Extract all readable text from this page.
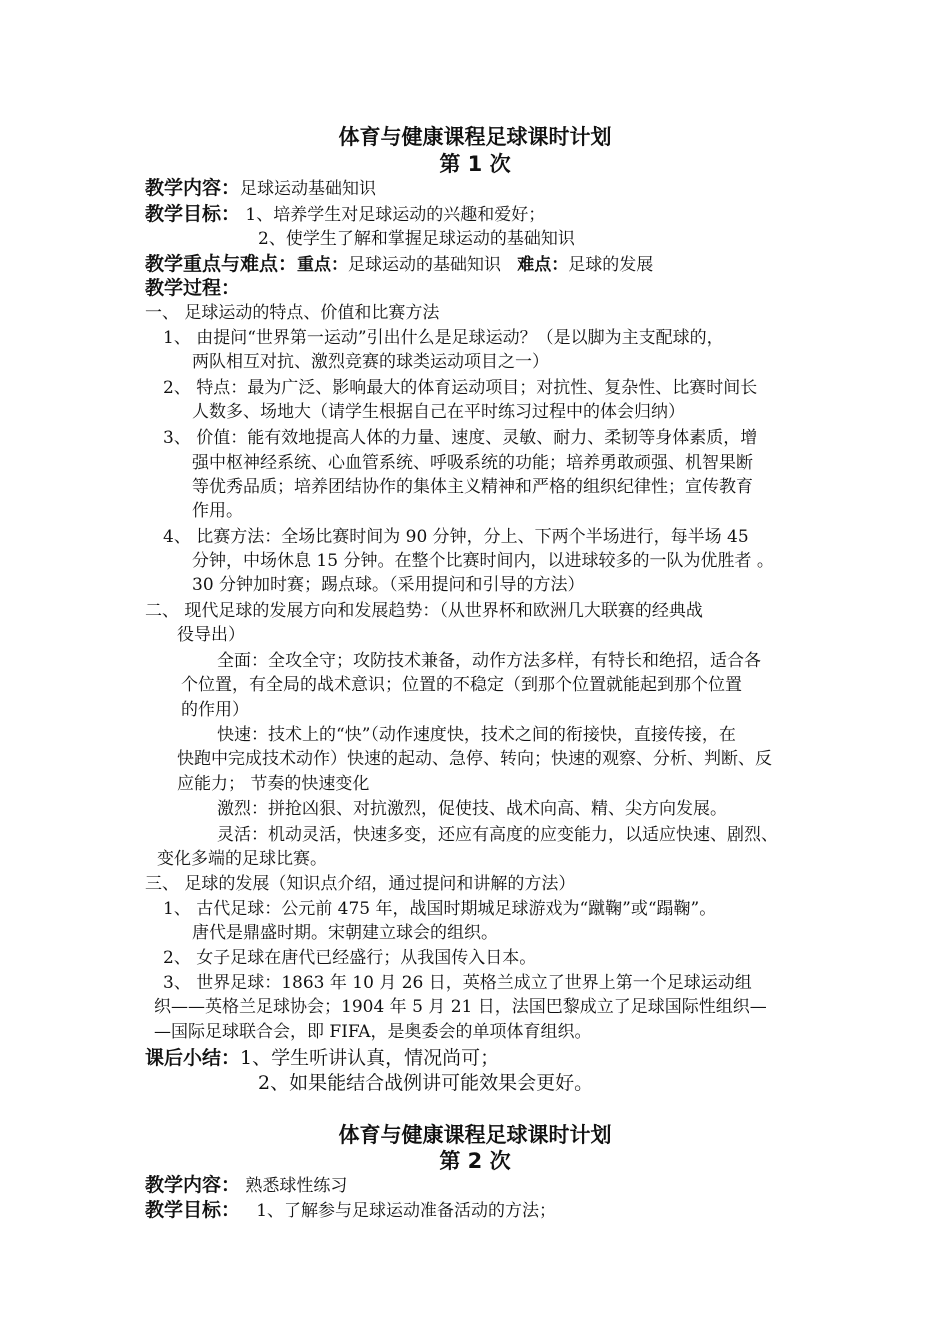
体育与健康课程足球课时计划
第 1 次
教学内容：足球运动基础知识
教学目标： 1、培养学生对足球运动的兴趣和爱好；
2、使学生了解和掌握足球运动的基础知识
教学重点与难点：重点：足球运动的基础知识 难点：足球的发展
教学过程：
一、 足球运动的特点、价值和比赛方法
1、 由提问“世界第一运动”引出什么是足球运动？（是以脚为主支配球的，
两队相互对抗、激烈竞赛的球类运动项目之一）
2、 特点：最为广泛、影响最大的体育运动项目；对抗性、复杂性、比赛时间长
人数多、场地大（请学生根据自己在平时练习过程中的体会归纳）
3、 价值：能有效地提高人体的力量、速度、灵敏、耐力、柔韧等身体素质，增
强中枢神经系统、心血管系统、呼吸系统的功能；培养勇敢顽强、机智果断
等优秀品质；培养团结协作的集体主义精神和严格的组织纪律性；宣传教育
作用。
4、 比赛方法：全场比赛时间为 90 分钟，分上、下两个半场进行，每半场 45
分钟，中场休息 15 分钟。在整个比赛时间内，以进球较多的一队为优胜者 。
30 分钟加时赛；踢点球。（采用提问和引导的方法）
二、 现代足球的发展方向和发展趋势：（从世界杯和欧洲几大联赛的经典战
役导出）
全面：全攻全守；攻防技术兼备，动作方法多样，有特长和绝招，适合各
个位置，有全局的战术意识；位置的不稳定（到那个位置就能起到那个位置
的作用）
快速：技术上的“快”（动作速度快，技术之间的衔接快，直接传接，在
快跑中完成技术动作）快速的起动、急停、转向；快速的观察、分析、判断、反
应能力； 节奏的快速变化
激烈：拼抢凶狠、对抗激烈，促使技、战术向高、精、尖方向发展。
灵活：机动灵活，快速多变，还应有高度的应变能力，以适应快速、剧烈、
变化多端的足球比赛。
三、 足球的发展（知识点介绍，通过提问和讲解的方法）
1、 古代足球：公元前 475 年，战国时期城足球游戏为“蹴鞠”或“蹋鞠”。
唐代是鼎盛时期。宋朝建立球会的组织。
2、 女子足球在唐代已经盛行；从我国传入日本。
3、 世界足球：1863 年 10 月 26 日，英格兰成立了世界上第一个足球运动组
织——英格兰足球协会；1904 年 5 月 21 日，法国巴黎成立了足球国际性组织—
—国际足球联合会，即 FIFA，是奥委会的单项体育组织。
课后小结：1、学生听讲认真，情况尚可；
2、如果能结合战例讲可能效果会更好。
体育与健康课程足球课时计划
第 2 次
教学内容： 熟悉球性练习
教学目标： 1、了解参与足球运动准备活动的方法；
